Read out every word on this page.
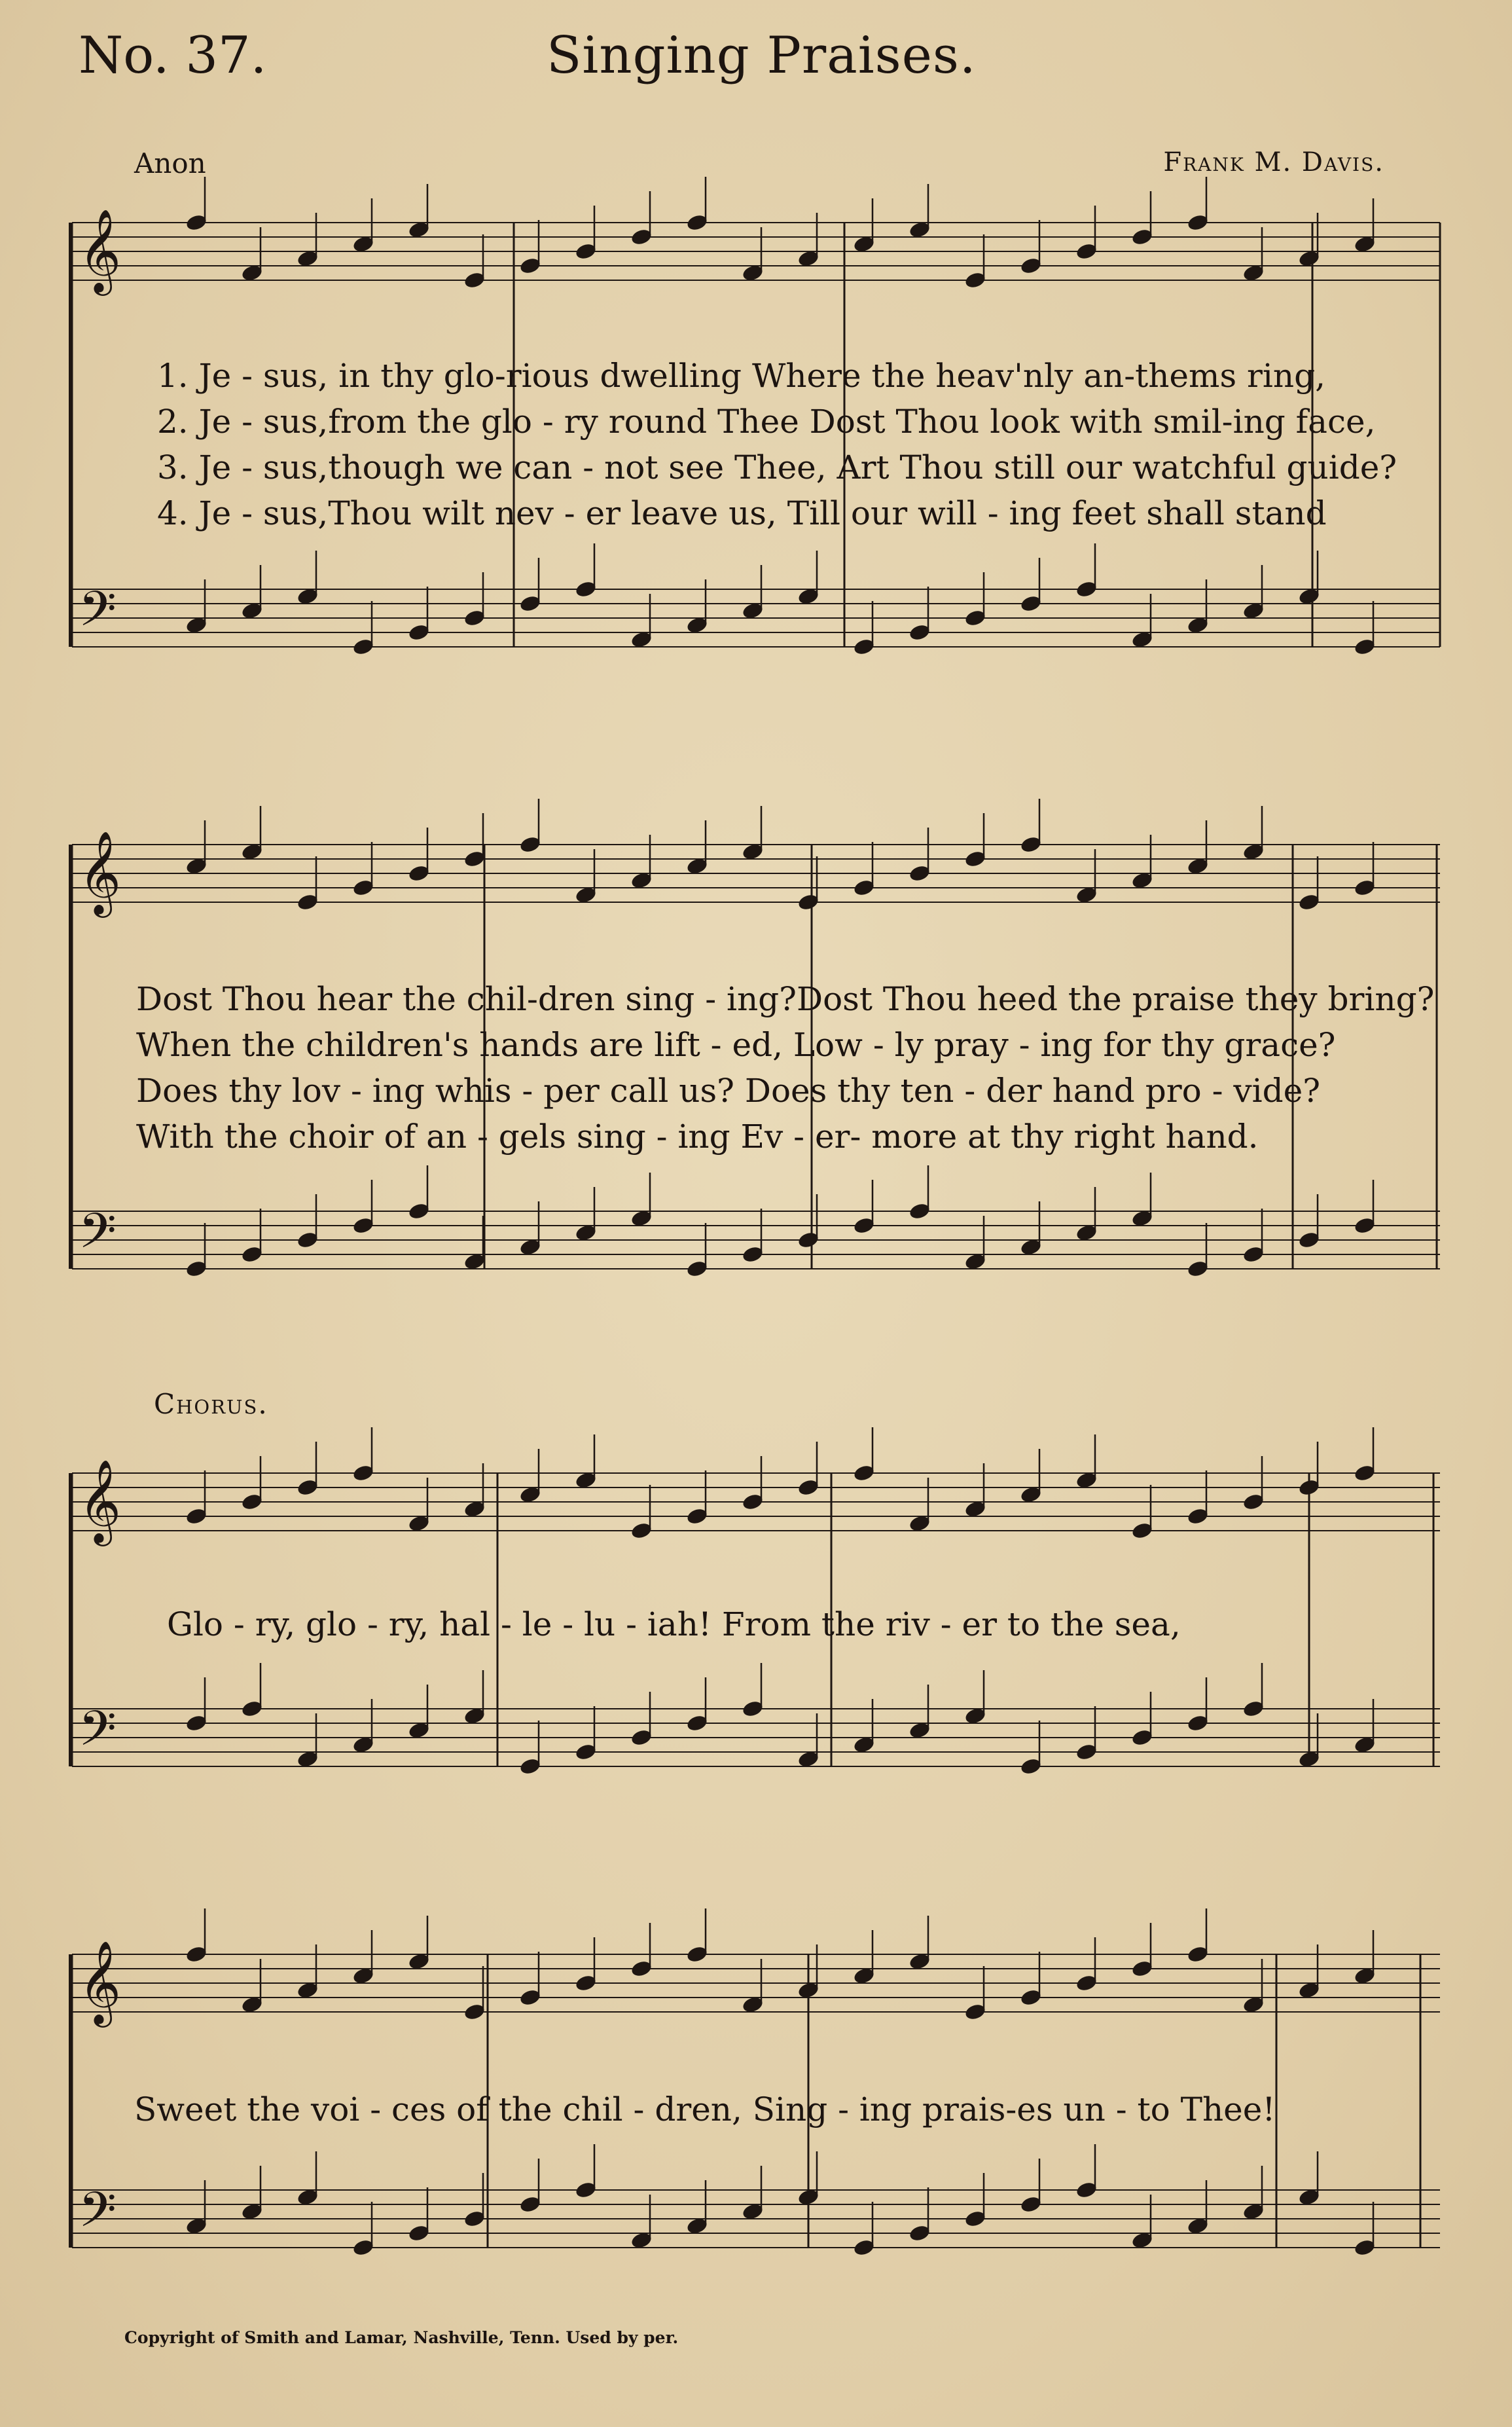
No. 37.	Singing Praises.
Anon	Frank M. Davis.
𝄞
𝄢
𝄞
𝄢
𝄞
𝄢
𝄞
𝄢
1. Je - sus, in thy glo-rious dwelling Where the heav'nly an-thems ring,
2. Je - sus,from the glo - ry round Thee Dost Thou look with smil-ing face,
3. Je - sus,though we can - not see Thee, Art Thou still our watchful guide?
4. Je - sus,Thou wilt nev - er leave us, Till our will - ing feet shall stand
Dost Thou hear the chil-dren sing - ing?Dost Thou heed the praise they bring?
When the children's hands are lift - ed, Low - ly pray - ing for thy grace?
Does thy lov - ing whis - per call us? Does thy ten - der hand pro - vide?
With the choir of an - gels sing - ing Ev - er- more at thy right hand.
Chorus.
Glo - ry, glo - ry, hal - le - lu - iah! From the riv - er to the sea,
Sweet the voi - ces of the chil - dren, Sing - ing prais-es un - to Thee!
Copyright of Smith and Lamar, Nashville, Tenn. Used by per.
